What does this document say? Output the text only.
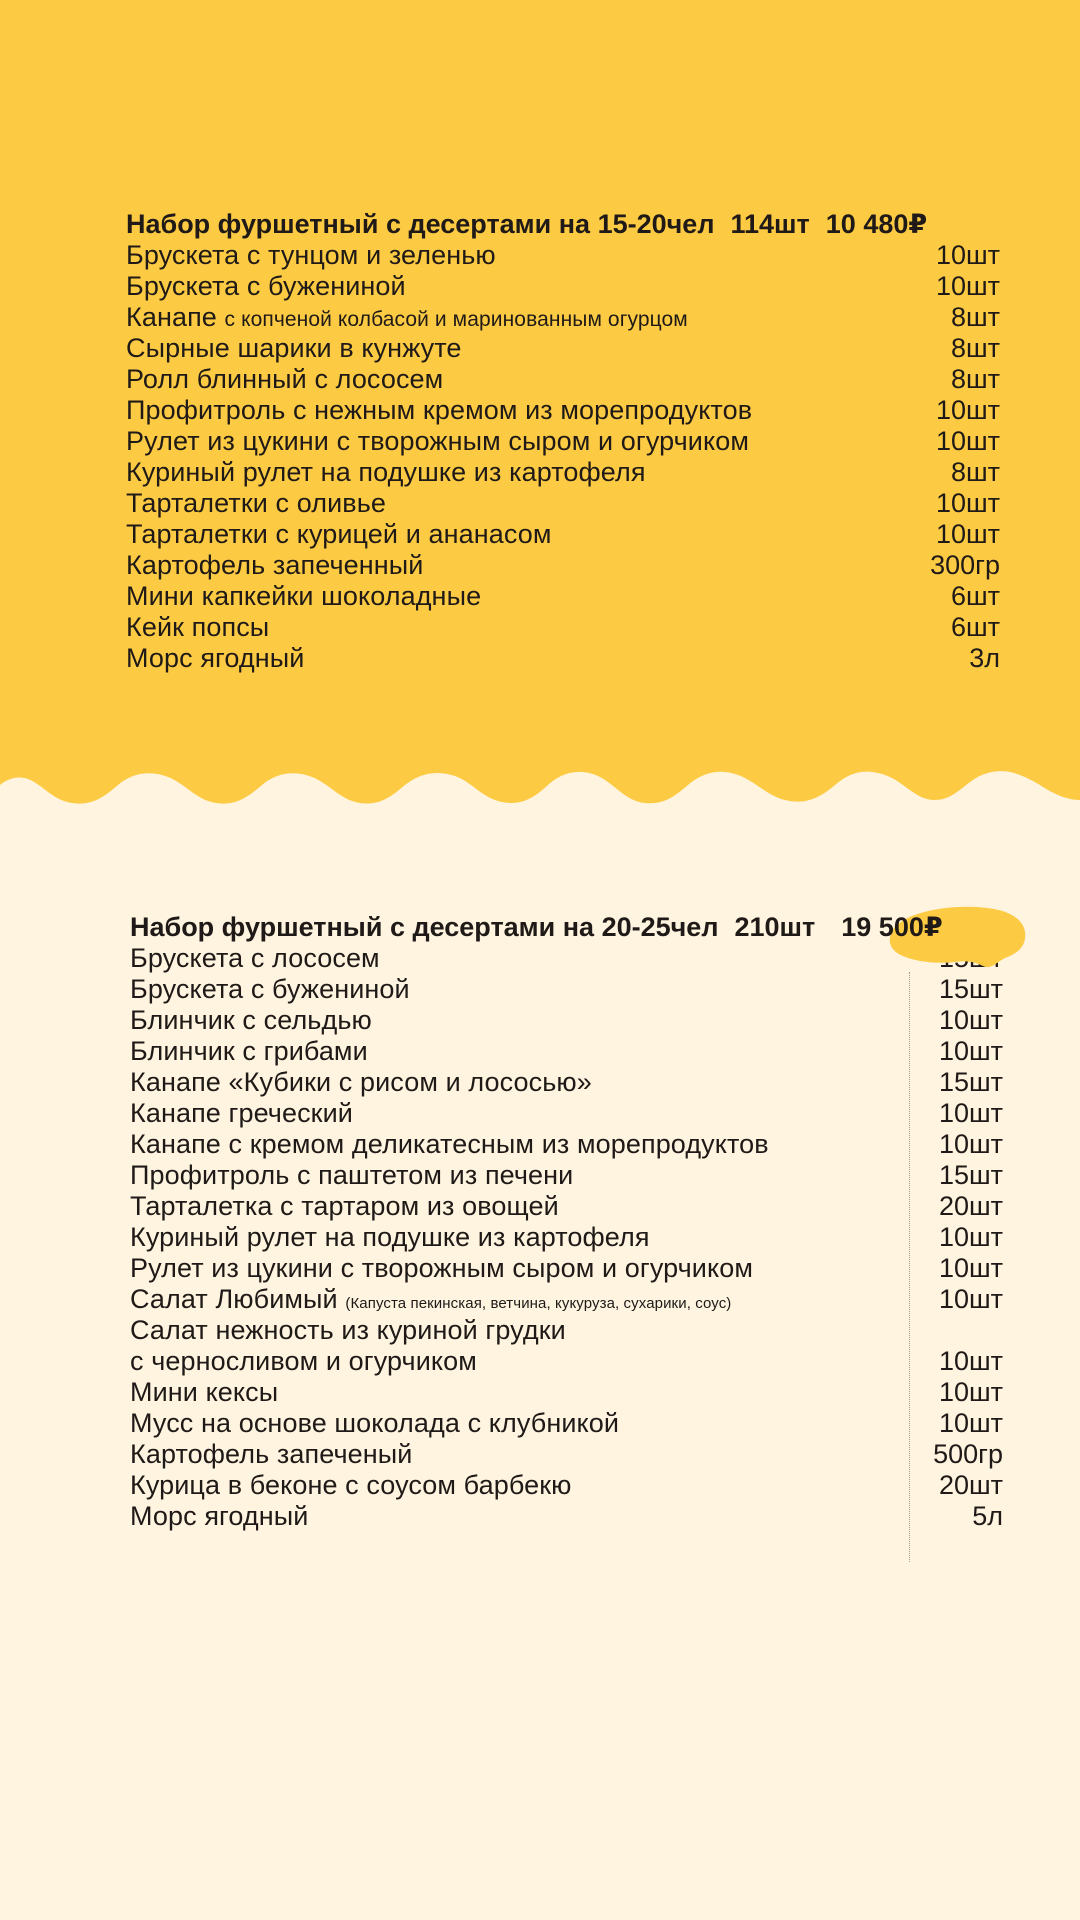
Набор фуршетный с десертами на 15-20чел 114шт 10 480₽
Брускета с тунцом и зеленью	10шт
Брускета с бужениной	10шт
Канапе с копченой колбасой и маринованным огурцом	8шт
Сырные шарики в кунжуте	8шт
Ролл блинный с лососем	8шт
Профитроль с нежным кремом из морепродуктов	10шт
Рулет из цукини с творожным сыром и огурчиком	10шт
Куриный рулет на подушке из картофеля	8шт
Тарталетки с оливье	10шт
Тарталетки с курицей и ананасом	10шт
Картофель запеченный	300гр
Мини капкейки шоколадные	6шт
Кейк попсы	6шт
Морс ягодный	3л
Набор фуршетный с десертами на 20-25чел 210шт 19 500₽
Брускета с лососем
Брускета с бужениной	15шт
Блинчик с сельдью	10шт
Блинчик с грибами	10шт
Канапе «Кубики с рисом и лососью»	15шт
Канапе греческий	10шт
Канапе с кремом деликатесным из морепродуктов	10шт
Профитроль с паштетом из печени	15шт
Тарталетка с тартаром из овощей	20шт
Куриный рулет на подушке из картофеля	10шт
Рулет из цукини с творожным сыром и огурчиком	10шт
Салат Любимый (Капуста пекинская, ветчина, кукуруза, сухарики, соус)	10шт
Салат нежность из куриной грудки
с черносливом и огурчиком	10шт
Мини кексы	10шт
Мусс на основе шоколада с клубникой	10шт
Картофель запеченый	500гр
Курица в беконе с соусом барбекю	20шт
Морс ягодный	5л
